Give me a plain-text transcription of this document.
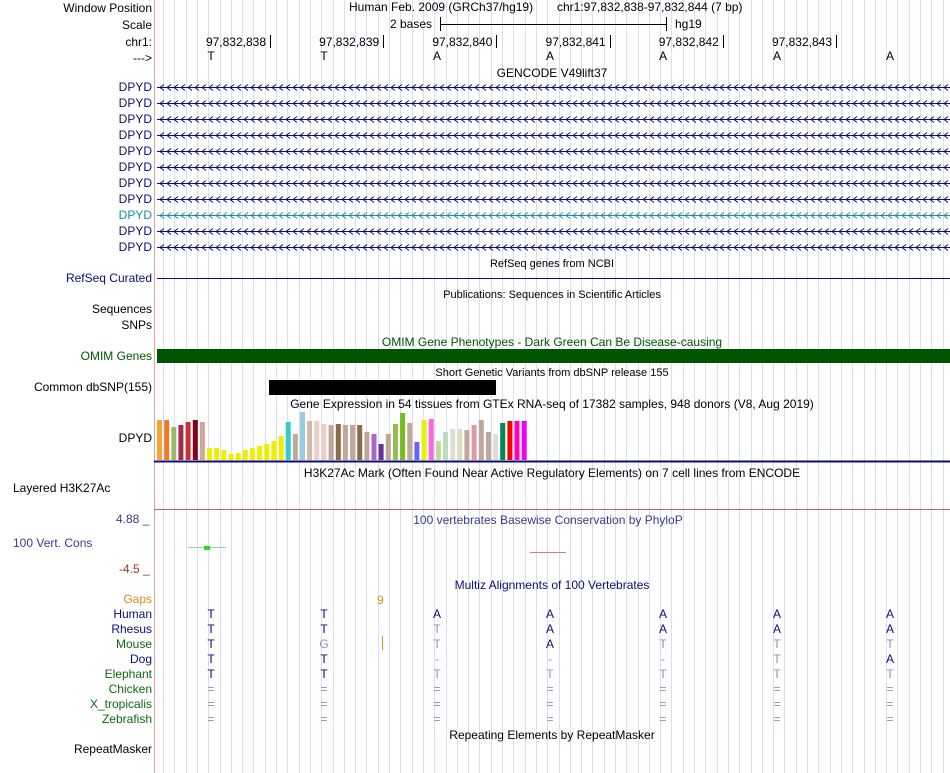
Window Position
Scale
chr1:
--->
Human Feb. 2009 (GRCh37/hg19) chr1:97,832,838-97,832,844 (7 bp)
2 bases	hg19
97,832,838	97,832,839	97,832,840	97,832,841	97,832,842	97,832,843
T	T	A	A	A	A	A
GENCODE V49lift37
DPYD
DPYD
DPYD
DPYD
DPYD
DPYD
DPYD
DPYD
DPYD
DPYD
DPYD
RefSeq genes from NCBI
RefSeq Curated
Publications: Sequences in Scientific Articles
Sequences
SNPs
OMIM Gene Phenotypes - Dark Green Can Be Disease-causing
OMIM Genes
Short Genetic Variants from dbSNP release 155
Common dbSNP(155)
Gene Expression in 54 tissues from GTEx RNA-seq of 17382 samples, 948 donors (V8, Aug 2019)
DPYD
H3K27Ac Mark (Often Found Near Active Regulatory Elements) on 7 cell lines from ENCODE
Layered H3K27Ac
100 vertebrates Basewise Conservation by PhyloP
4.88 _
100 Vert. Cons
-4.5 _
Multiz Alignments of 100 Vertebrates
Gaps	9
Human	T	T	A	A	A	A	A
Rhesus	T	T	T	A	A	A	A
Mouse	T	G	T	A	T	T	T
Dog	T	T	-	-	-	T	A
Elephant	T	T	T	T	T	T	T
Chicken	=	=	=	=	=	=	=
X_tropicalis	=	=	=	=	=	=	=
Zebrafish	=	=	=	=	=	=	=
Repeating Elements by RepeatMasker
RepeatMasker
